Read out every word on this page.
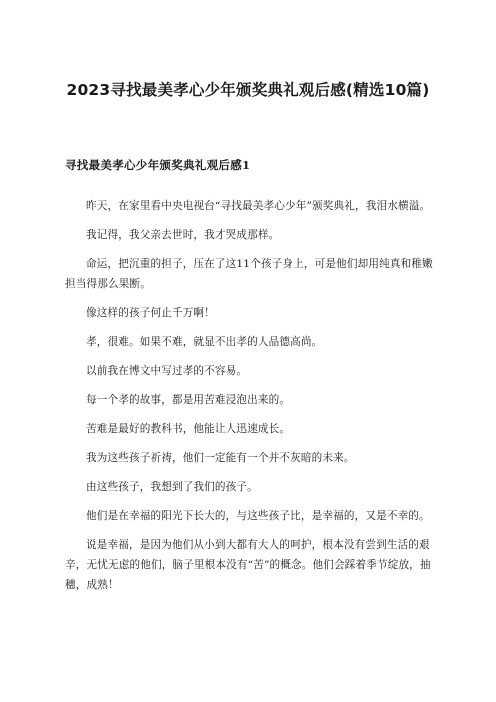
2023寻找最美孝心少年颁奖典礼观后感(精选10篇)
寻找最美孝心少年颁奖典礼观后感1

昨天，在家里看中央电视台“寻找最美孝心少年”颁奖典礼，我泪水横溢。

我记得，我父亲去世时，我才哭成那样。

命运，把沉重的担子，压在了这11个孩子身上，可是他们却用纯真和稚嫩担当得那么果断。

像这样的孩子何止千万啊！

孝，很难。如果不难，就显不出孝的人品德高尚。

以前我在博文中写过孝的不容易。

每一个孝的故事，都是用苦难浸泡出来的。

苦难是最好的教科书，他能让人迅速成长。

我为这些孩子祈祷，他们一定能有一个并不灰暗的未来。

由这些孩子，我想到了我们的孩子。

他们是在幸福的阳光下长大的，与这些孩子比，是幸福的，又是不幸的。

说是幸福，是因为他们从小到大都有大人的呵护，根本没有尝到生活的艰辛，无忧无虑的他们，脑子里根本没有“苦”的概念。他们会踩着季节绽放，抽穗，成熟！
